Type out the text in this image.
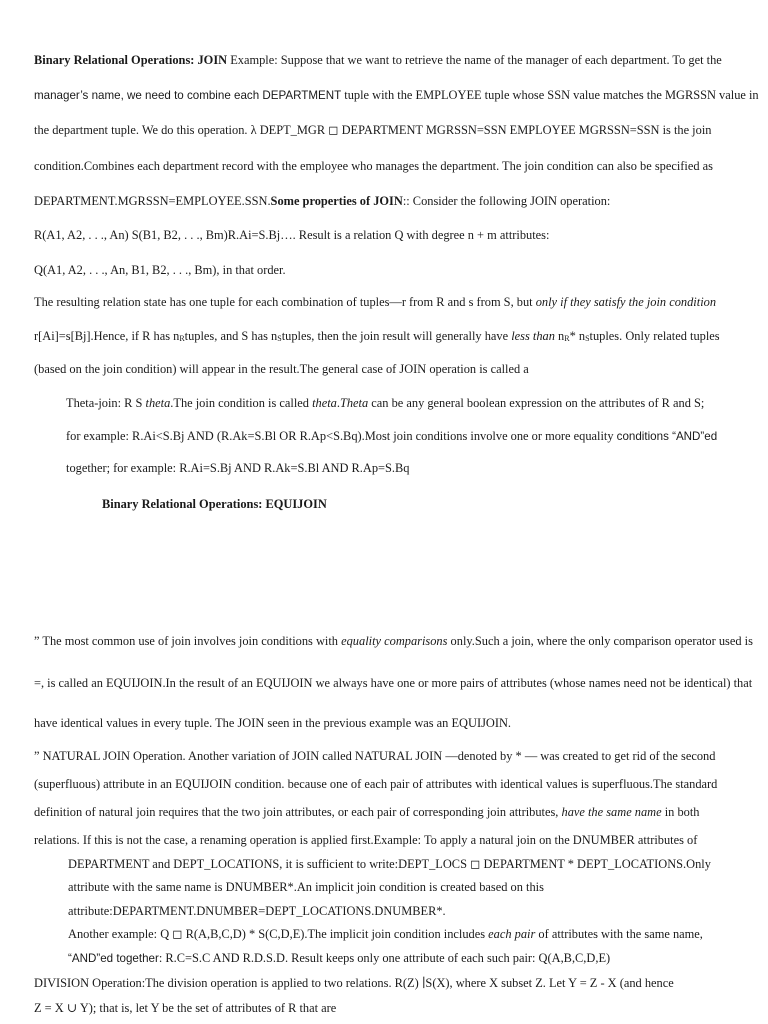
Binary Relational Operations: JOIN Example: Suppose that we want to retrieve the name of the manager of each department. To get the
manager’s name, we need to combine each DEPARTMENT tuple with the EMPLOYEE tuple whose SSN value matches the MGRSSN value in
the department tuple. We do this operation. λ DEPT_MGR ◻ DEPARTMENT MGRSSN=SSN EMPLOYEE MGRSSN=SSN is the join
condition.Combines each department record with the employee who manages the department. The join condition can also be specified as
DEPARTMENT.MGRSSN=EMPLOYEE.SSN.Some properties of JOIN:: Consider the following JOIN operation:
R(A1, A2, . . ., An) S(B1, B2, . . ., Bm)R.Ai=S.Bj…. Result is a relation Q with degree n + m attributes:
Q(A1, A2, . . ., An, B1, B2, . . ., Bm), in that order.
The resulting relation state has one tuple for each combination of tuples—r from R and s from S, but only if they satisfy the join condition
r[Ai]=s[Bj].Hence, if R has nRtuples, and S has nStuples, then the join result will generally have less than nR* nStuples. Only related tuples
(based on the join condition) will appear in the result.The general case of JOIN operation is called a
Theta-join: R S theta.The join condition is called theta.Theta can be any general boolean expression on the attributes of R and S;
for example: R.Ai<S.Bj AND (R.Ak=S.Bl OR R.Ap<S.Bq).Most join conditions involve one or more equality conditions “AND”ed
together; for example: R.Ai=S.Bj AND R.Ak=S.Bl AND R.Ap=S.Bq
Binary Relational Operations: EQUIJOIN
” The most common use of join involves join conditions with equality comparisons only.Such a join, where the only comparison operator used is
=, is called an EQUIJOIN.In the result of an EQUIJOIN we always have one or more pairs of attributes (whose names need not be identical) that
have identical values in every tuple. The JOIN seen in the previous example was an EQUIJOIN.
” NATURAL JOIN Operation. Another variation of JOIN called NATURAL JOIN —denoted by * — was created to get rid of the second
(superfluous) attribute in an EQUIJOIN condition. because one of each pair of attributes with identical values is superfluous.The standard
definition of natural join requires that the two join attributes, or each pair of corresponding join attributes, have the same name in both
relations. If this is not the case, a renaming operation is applied first.Example: To apply a natural join on the DNUMBER attributes of
DEPARTMENT and DEPT_LOCATIONS, it is sufficient to write:DEPT_LOCS ◻ DEPARTMENT * DEPT_LOCATIONS.Only
attribute with the same name is DNUMBER*.An implicit join condition is created based on this
attribute:DEPARTMENT.DNUMBER=DEPT_LOCATIONS.DNUMBER*.
Another example: Q ◻ R(A,B,C,D) * S(C,D,E).The implicit join condition includes each pair of attributes with the same name,
“AND”ed together: R.C=S.C AND R.D.S.D. Result keeps only one attribute of each such pair: Q(A,B,C,D,E)
DIVISION Operation:The division operation is applied to two relations. R(Z) ∣S(X), where X subset Z. Let Y = Z - X (and hence
Z = X ∪ Y); that is, let Y be the set of attributes of R that are
